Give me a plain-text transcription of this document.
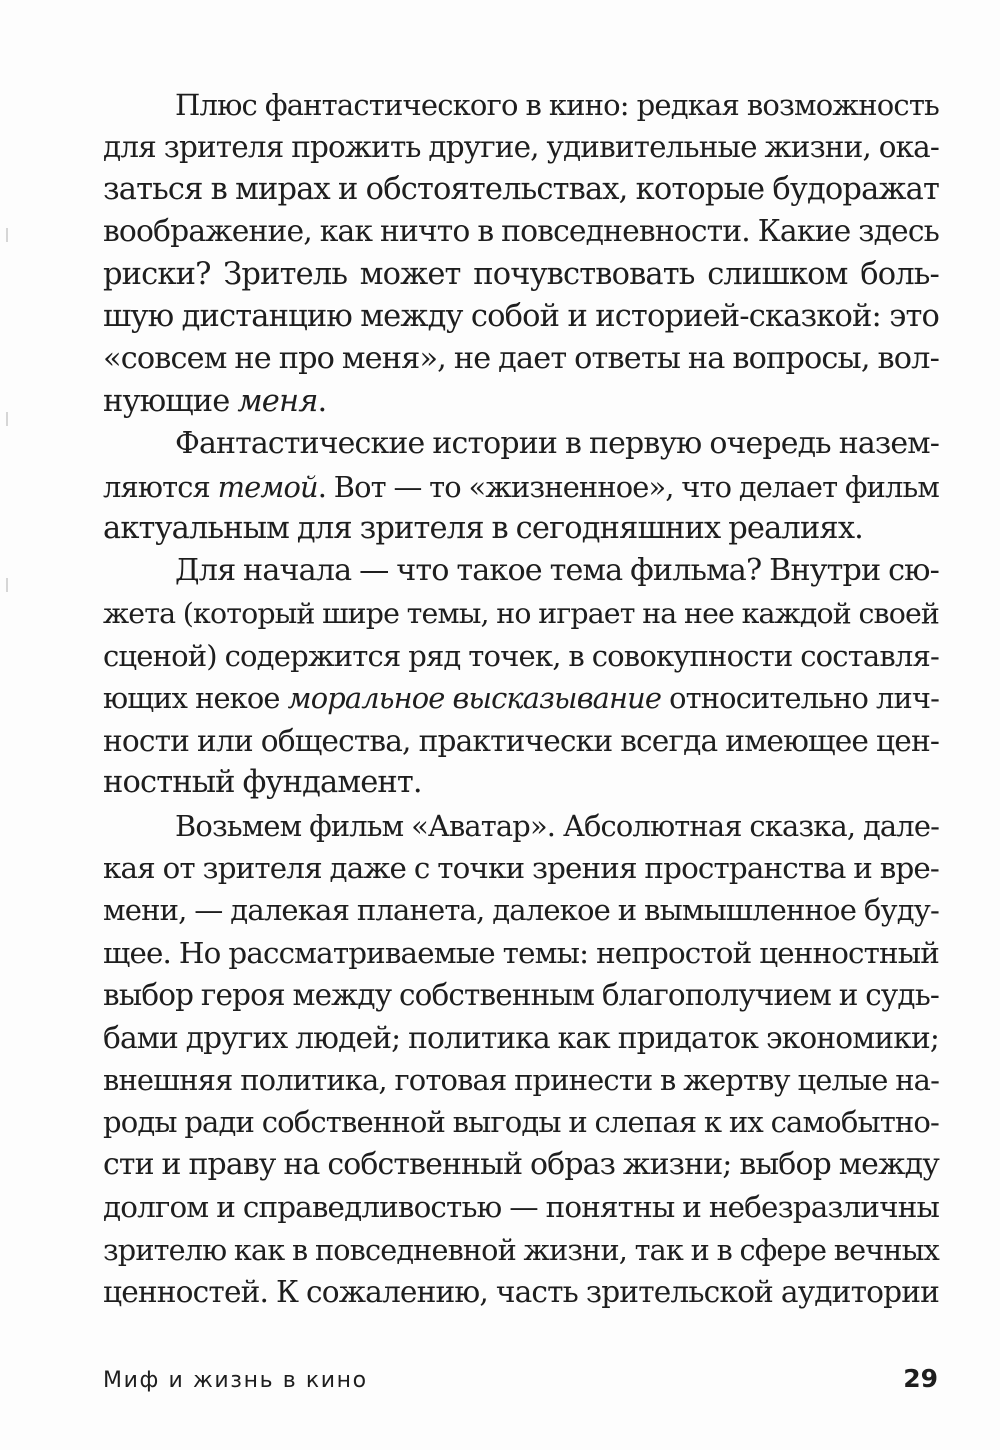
Плюс фантастического в кино: редкая возможность
для зрителя прожить другие, удивительные жизни, ока-
заться в мирах и обстоятельствах, которые будоражат
воображение, как ничто в повседневности. Какие здесь
риски? Зритель может почувствовать слишком боль-
шую дистанцию между собой и историей-сказкой: это
«совсем не про меня», не дает ответы на вопросы, вол-
нующие меня.
Фантастические истории в первую очередь назем-
ляются темой. Вот — то «жизненное», что делает фильм
актуальным для зрителя в сегодняшних реалиях.
Для начала — что такое тема фильма? Внутри сю-
жета (который шире темы, но играет на нее каждой своей
сценой) содержится ряд точек, в совокупности составля-
ющих некое моральное высказывание относительно лич-
ности или общества, практически всегда имеющее цен-
ностный фундамент.
Возьмем фильм «Аватар». Абсолютная сказка, дале-
кая от зрителя даже с точки зрения пространства и вре-
мени, — далекая планета, далекое и вымышленное буду-
щее. Но рассматриваемые темы: непростой ценностный
выбор героя между собственным благополучием и судь-
бами других людей; политика как придаток экономики;
внешняя политика, готовая принести в жертву целые на-
роды ради собственной выгоды и слепая к их самобытно-
сти и праву на собственный образ жизни; выбор между
долгом и справедливостью — понятны и небезразличны
зрителю как в повседневной жизни, так и в сфере вечных
ценностей. К сожалению, часть зрительской аудитории
Миф и жизнь в кино	29
